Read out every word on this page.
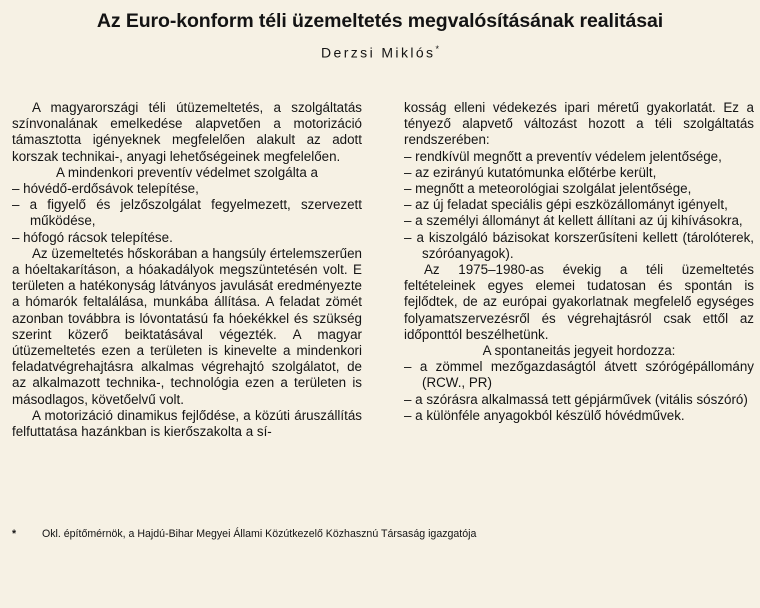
Az Euro-konform téli üzemeltetés megvalósításának realitásai
Derzsi Miklós*

A magyarországi téli útüzemeltetés, a szolgáltatás színvonalának emelkedése alapvetően a motorizáció támasztotta igényeknek megfelelően alakult az adott korszak technikai-, anyagi lehetőségeinek megfelelően.

A mindenkori preventív védelmet szolgálta a

– hóvédő-erdősávok telepítése,

– a figyelő és jelzőszolgálat fegyelmezett, szervezett működése,

– hófogó rácsok telepítése.

Az üzemeltetés hőskorában a hangsúly értelemszerűen a hóeltakarításon, a hóakadályok megszüntetésén volt. E területen a hatékonyság látványos javulását eredményezte a hómarók feltalálása, munkába állítása. A feladat zömét azonban továbbra is lóvontatású fa hóekékkel és szükség szerint közerő beiktatásával végezték. A magyar útüzemeltetés ezen a területen is kinevelte a mindenkori feladatvégrehajtásra alkalmas végrehajtó szolgálatot, de az alkalmazott technika-, technológia ezen a területen is másodlagos, követőelvű volt.

A motorizáció dinamikus fejlődése, a közúti áruszállítás felfuttatása hazánkban is kierőszakolta a sí-

kosság elleni védekezés ipari méretű gyakorlatát. Ez a tényező alapvető változást hozott a téli szolgáltatás rendszerében:

– rendkívül megnőtt a preventív védelem jelentősége,

– az ezirányú kutatómunka előtérbe került,

– megnőtt a meteorológiai szolgálat jelentősége,

– az új feladat speciális gépi eszközállományt igényelt,

– a személyi állományt át kellett állítani az új kihívásokra,

– a kiszolgáló bázisokat korszerűsíteni kellett (tárolóterek, szóróanyagok).

Az 1975–1980-as évekig a téli üzemeltetés feltételeinek egyes elemei tudatosan és spontán is fejlődtek, de az európai gyakorlatnak megfelelő egységes folyamatszervezésről és végrehajtásról csak ettől az időponttól beszélhetünk.

A spontaneitás jegyeit hordozza:

– a zömmel mezőgazdaságtól átvett szórógépállomány (RCW., PR)

– a szórásra alkalmassá tett gépjárművek (vitális sószóró)

– a különféle anyagokból készülő hóvédművek.

* Okl. építőmérnök, a Hajdú-Bihar Megyei Állami Közútkezelő Közhasznú Társaság igazgatója
